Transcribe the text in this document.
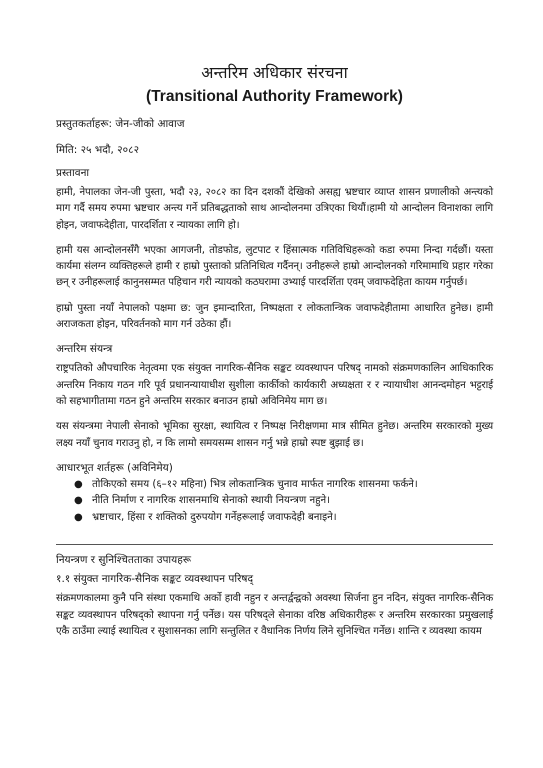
अन्तरिम अधिकार संरचना
(Transitional Authority Framework)

प्रस्तुतकर्ताहरू: जेन-जीको आवाज

मिति: २५ भदौ, २०८२

प्रस्तावना

हामी, नेपालका जेन-जी पुस्ता, भदौ २३, २०८२ का दिन दशकौं देखिको असह्य भ्रष्टचार व्याप्त शासन प्रणालीको अन्त्यको माग गर्दै समय रुपमा भ्रष्टचार अन्त्य गर्ने प्रतिबद्धताको साथ आन्दोलनमा उत्रिएका थियौं।हामी यो आन्दोलन विनाशका लागि होइन, जवाफदेहीता, पारदर्शिता र न्यायका लागि हो।

हामी यस आन्दोलनसँगै भएका आगजनी, तोडफोड, लुटपाट र हिंसात्मक गतिविधिहरूको कडा रुपमा निन्दा गर्दछौं। यस्ता कार्यमा संलग्न व्यक्तिहरूले हामी र हाम्रो पुस्ताको प्रतिनिधित्व गर्दैनन्। उनीहरूले हाम्रो आन्दोलनको गरिमामाथि प्रहार गरेका छन् र उनीहरूलाई कानुनसम्मत पहिचान गरी न्यायको कठघरामा उभ्याई पारदर्शिता एवम् जवाफदेहिता कायम गर्नुपर्छ।

हाम्रो पुस्ता नयाँ नेपालको पक्षमा छ: जुन इमान्दारिता, निष्पक्षता र लोकतान्त्रिक जवाफदेहीतामा आधारित हुनेछ। हामी अराजकता होइन, परिवर्तनको माग गर्न उठेका हौं।

अन्तरिम संयन्त्र

राष्ट्रपतिको औपचारिक नेतृत्वमा एक संयुक्त नागरिक-सैनिक सङ्कट व्यवस्थापन परिषद् नामको संक्रमणकालिन आधिकारिक अन्तरिम निकाय गठन गरि पूर्व प्रधानन्यायाधीश सुशीला कार्कीको कार्यकारी अध्यक्षता र र न्यायाधीश आनन्दमोहन भट्टराई को सहभागीतामा गठन हुने अन्तरिम सरकार बनाउन हाम्रो अविनिमेय माग छ।

यस संयन्त्रमा नेपाली सेनाको भूमिका सुरक्षा, स्थायित्व र निष्पक्ष निरीक्षणमा मात्र सीमित हुनेछ। अन्तरिम सरकारको मुख्य लक्ष्य नयाँ चुनाव गराउनु हो, न कि लामो समयसम्म शासन गर्नु भन्ने हाम्रो स्पष्ट बुझाई छ।

आधारभूत शर्तहरू (अविनिमेय)

● तोकिएको समय (६–१२ महिना) भित्र लोकतान्त्रिक चुनाव मार्फत नागरिक शासनमा फर्कने।
● नीति निर्माण र नागरिक शासनमाथि सेनाको स्थायी नियन्त्रण नहुने।
● भ्रष्टाचार, हिंसा र शक्तिको दुरुपयोग गर्नेहरूलाई जवाफदेही बनाइने।

नियन्त्रण र सुनिश्चितताका उपायहरू

१.१ संयुक्त नागरिक-सैनिक सङ्कट व्यवस्थापन परिषद्

संक्रमणकालमा कुनै पनि संस्था एकमाथि अर्को हावी नहुन र अन्तर्द्वन्द्वको अवस्था सिर्जना हुन नदिन, संयुक्त नागरिक-सैनिक सङ्कट व्यवस्थापन परिषद्को स्थापना गर्नु पर्नेछ। यस परिषद्ले सेनाका वरिष्ठ अधिकारीहरू र अन्तरिम सरकारका प्रमुखलाई एकै ठाउँमा ल्याई स्थायित्व र सुशासनका लागि सन्तुलित र वैधानिक निर्णय लिने सुनिश्चित गर्नेछ। शान्ति र व्यवस्था कायम
